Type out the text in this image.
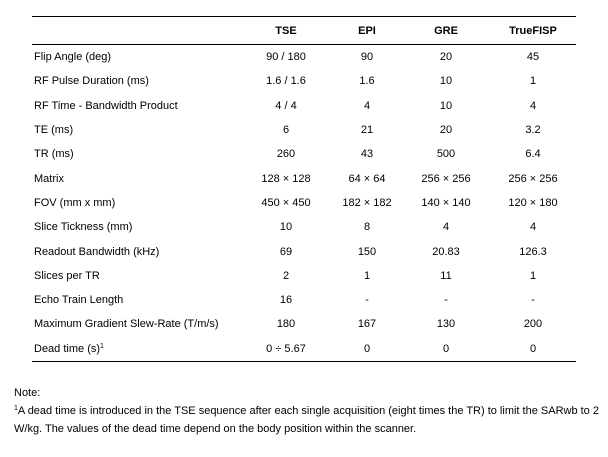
	TSE	EPI	GRE	TrueFISP
Flip Angle (deg)	90 / 180	90	20	45
RF Pulse Duration (ms)	1.6 / 1.6	1.6	10	1
RF Time - Bandwidth Product	4 / 4	4	10	4
TE (ms)	6	21	20	3.2
TR (ms)	260	43	500	6.4
Matrix	128 × 128	64 × 64	256 × 256	256 × 256
FOV (mm x mm)	450 × 450	182 × 182	140 × 140	120 × 180
Slice Tickness (mm)	10	8	4	4
Readout Bandwidth (kHz)	69	150	20.83	126.3
Slices per TR	2	1	11	1
Echo Train Length	16	-	-	-
Maximum Gradient Slew-Rate (T/m/s)	180	167	130	200
Dead time $(s)^1$	0 ÷ 5.67	0	0	0

Note:

$^1$A dead time is introduced in the TSE sequence after each single acquisition (eight times the TR) to limit the SARwb to 2 W/kg. The values of the dead time depend on the body position within the scanner.
